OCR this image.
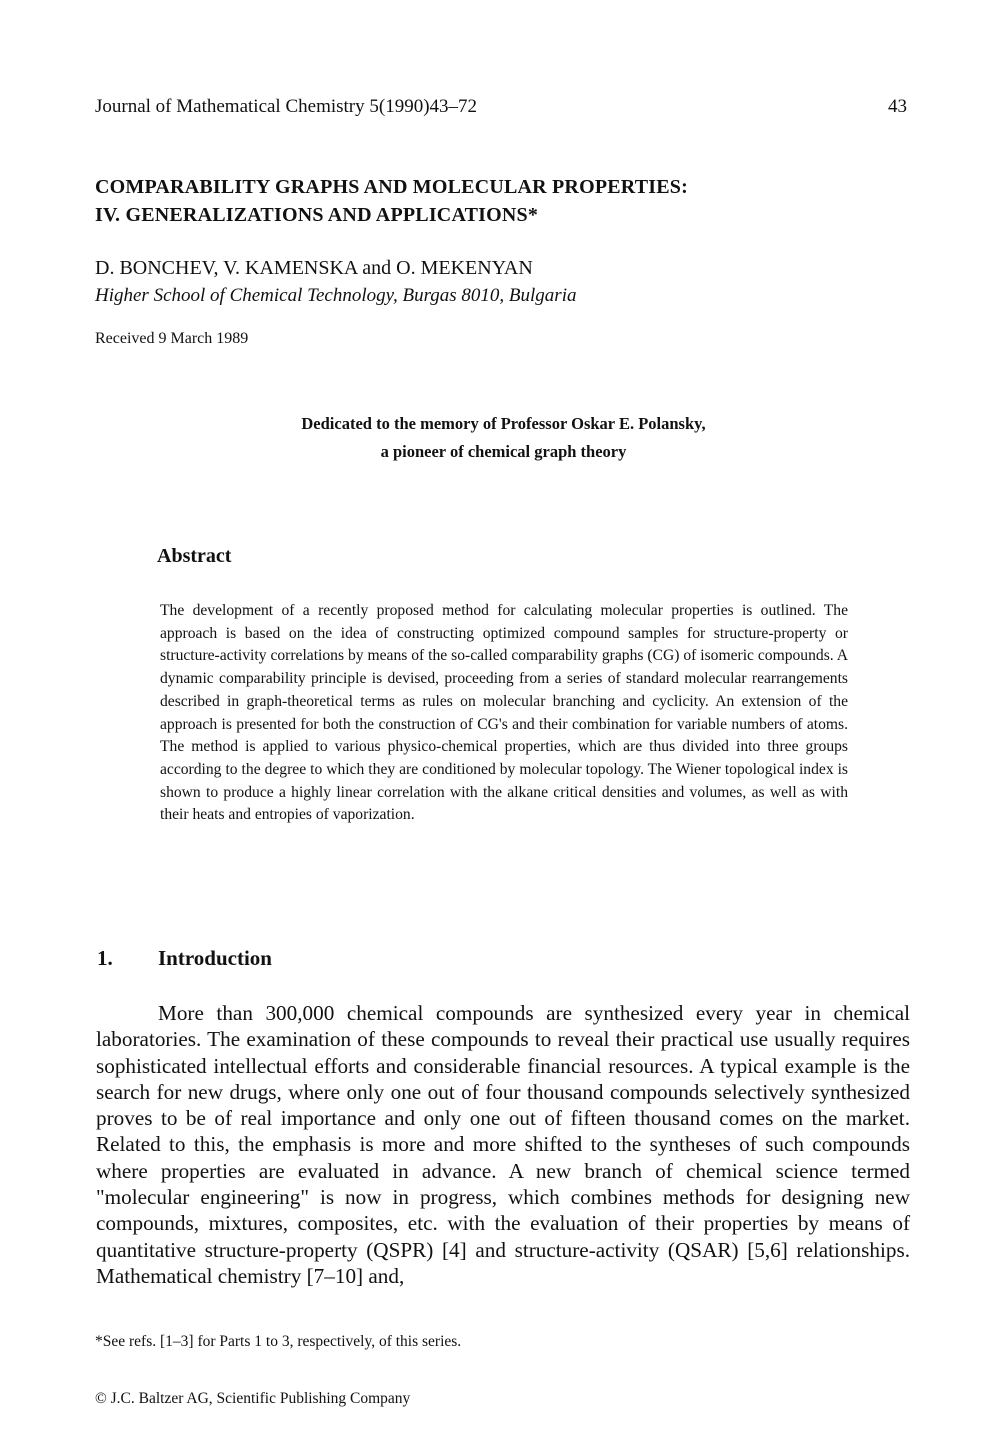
Journal of Mathematical Chemistry 5(1990)43–72	43
COMPARABILITY GRAPHS AND MOLECULAR PROPERTIES:
IV. GENERALIZATIONS AND APPLICATIONS*
D. BONCHEV, V. KAMENSKA and O. MEKENYAN
Higher School of Chemical Technology, Burgas 8010, Bulgaria
Received 9 March 1989
Dedicated to the memory of Professor Oskar E. Polansky,
a pioneer of chemical graph theory
Abstract

The development of a recently proposed method for calculating molecular properties is outlined. The approach is based on the idea of constructing optimized compound samples for structure-property or structure-activity correlations by means of the so-called comparability graphs (CG) of isomeric compounds. A dynamic comparability principle is devised, proceeding from a series of standard molecular rearrangements described in graph-theoretical terms as rules on molecular branching and cyclicity. An extension of the approach is presented for both the construction of CG's and their combination for variable numbers of atoms. The method is applied to various physico-chemical properties, which are thus divided into three groups according to the degree to which they are conditioned by molecular topology. The Wiener topological index is shown to produce a highly linear correlation with the alkane critical densities and volumes, as well as with their heats and entropies of vaporization.

1. Introduction

More than 300,000 chemical compounds are synthesized every year in chemical laboratories. The examination of these compounds to reveal their practical use usually requires sophisticated intellectual efforts and considerable financial resources. A typical example is the search for new drugs, where only one out of four thousand compounds selectively synthesized proves to be of real importance and only one out of fifteen thousand comes on the market. Related to this, the emphasis is more and more shifted to the syntheses of such compounds where properties are evaluated in advance. A new branch of chemical science termed "molecular engineering" is now in progress, which combines methods for designing new compounds, mixtures, composites, etc. with the evaluation of their properties by means of quantitative structure-property (QSPR) [4] and structure-activity (QSAR) [5,6] relationships. Mathematical chemistry [7–10] and,

*See refs. [1–3] for Parts 1 to 3, respectively, of this series.
© J.C. Baltzer AG, Scientific Publishing Company
